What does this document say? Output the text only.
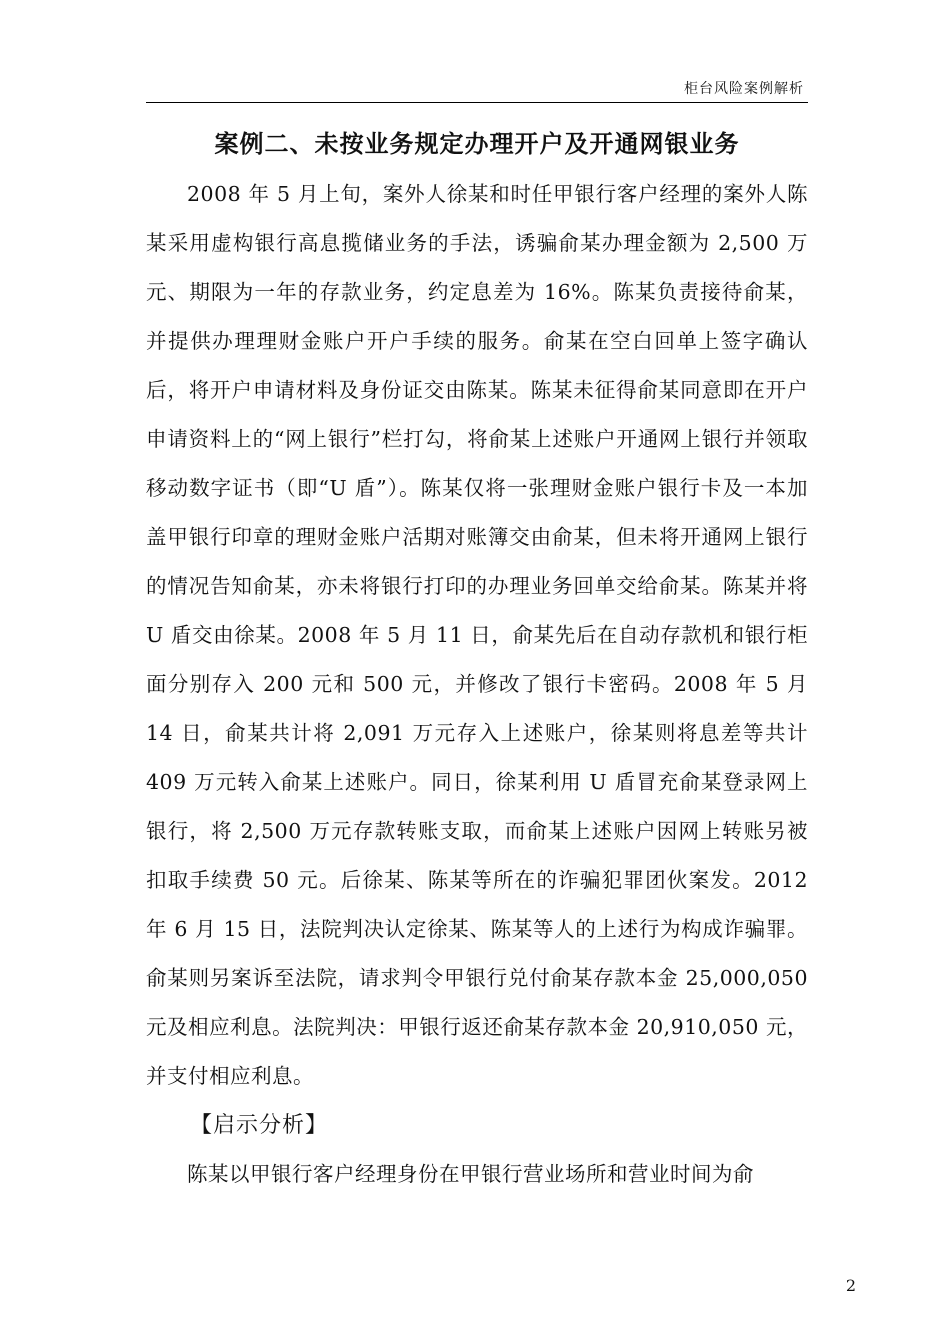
柜台风险案例解析
案例二、未按业务规定办理开户及开通网银业务

2008 年 5 月上旬，案外人徐某和时任甲银行客户经理的案外人陈某采用虚构银行高息揽储业务的手法，诱骗俞某办理金额为 2,500 万元、期限为一年的存款业务，约定息差为 16%。陈某负责接待俞某，并提供办理理财金账户开户手续的服务。俞某在空白回单上签字确认后，将开户申请材料及身份证交由陈某。陈某未征得俞某同意即在开户申请资料上的“网上银行”栏打勾，将俞某上述账户开通网上银行并领取移动数字证书（即“U 盾”）。陈某仅将一张理财金账户银行卡及一本加盖甲银行印章的理财金账户活期对账簿交由俞某，但未将开通网上银行的情况告知俞某，亦未将银行打印的办理业务回单交给俞某。陈某并将 U 盾交由徐某。2008 年 5 月 11 日，俞某先后在自动存款机和银行柜面分别存入 200 元和 500 元，并修改了银行卡密码。2008 年 5 月 14 日，俞某共计将 2,091 万元存入上述账户，徐某则将息差等共计 409 万元转入俞某上述账户。同日，徐某利用 U 盾冒充俞某登录网上银行，将 2,500 万元存款转账支取，而俞某上述账户因网上转账另被扣取手续费 50 元。后徐某、陈某等所在的诈骗犯罪团伙案发。2012 年 6 月 15 日，法院判决认定徐某、陈某等人的上述行为构成诈骗罪。俞某则另案诉至法院，请求判令甲银行兑付俞某存款本金 25,000,050 元及相应利息。法院判决：甲银行返还俞某存款本金 20,910,050 元，并支付相应利息。

【启示分析】

陈某以甲银行客户经理身份在甲银行营业场所和营业时间为俞

2
